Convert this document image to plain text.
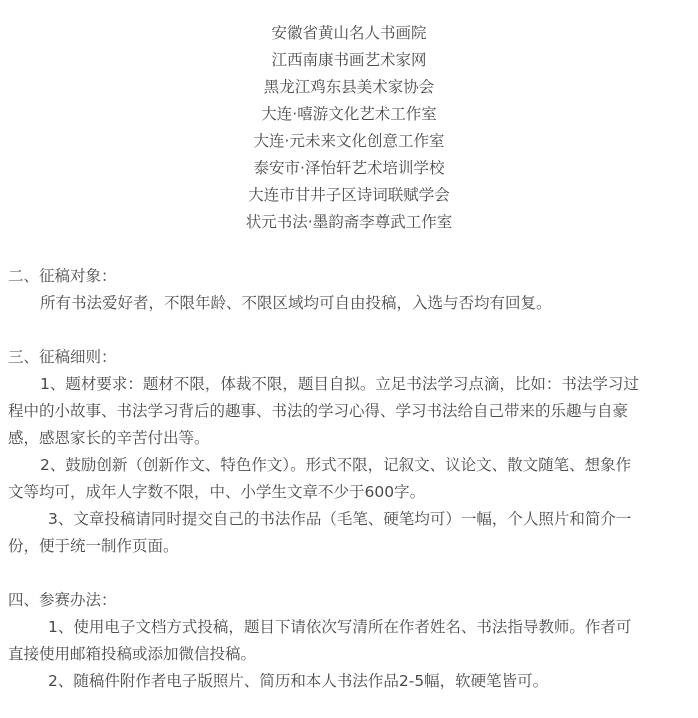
安徽省黄山名人书画院
江西南康书画艺术家网
黑龙江鸡东县美术家协会
大连·嘻游文化艺术工作室
大连·元未来文化创意工作室
泰安市·泽怡轩艺术培训学校
大连市甘井子区诗词联赋学会
状元书法·墨韵斋李尊武工作室
二、征稿对象：
所有书法爱好者，不限年龄、不限区域均可自由投稿，入选与否均有回复。
三、征稿细则：
1、题材要求：题材不限，体裁不限，题目自拟。立足书法学习点滴，比如：书法学习过
程中的小故事、书法学习背后的趣事、书法的学习心得、学习书法给自己带来的乐趣与自豪
感，感恩家长的辛苦付出等。
2、鼓励创新（创新作文、特色作文）。形式不限，记叙文、议论文、散文随笔、想象作
文等均可，成年人字数不限，中、小学生文章不少于600字。
3、文章投稿请同时提交自己的书法作品（毛笔、硬笔均可）一幅，个人照片和简介一
份，便于统一制作页面。
四、参赛办法：
1、使用电子文档方式投稿，题目下请依次写清所在作者姓名、书法指导教师。作者可
直接使用邮箱投稿或添加微信投稿。
2、随稿件附作者电子版照片、简历和本人书法作品2-5幅，软硬笔皆可。
